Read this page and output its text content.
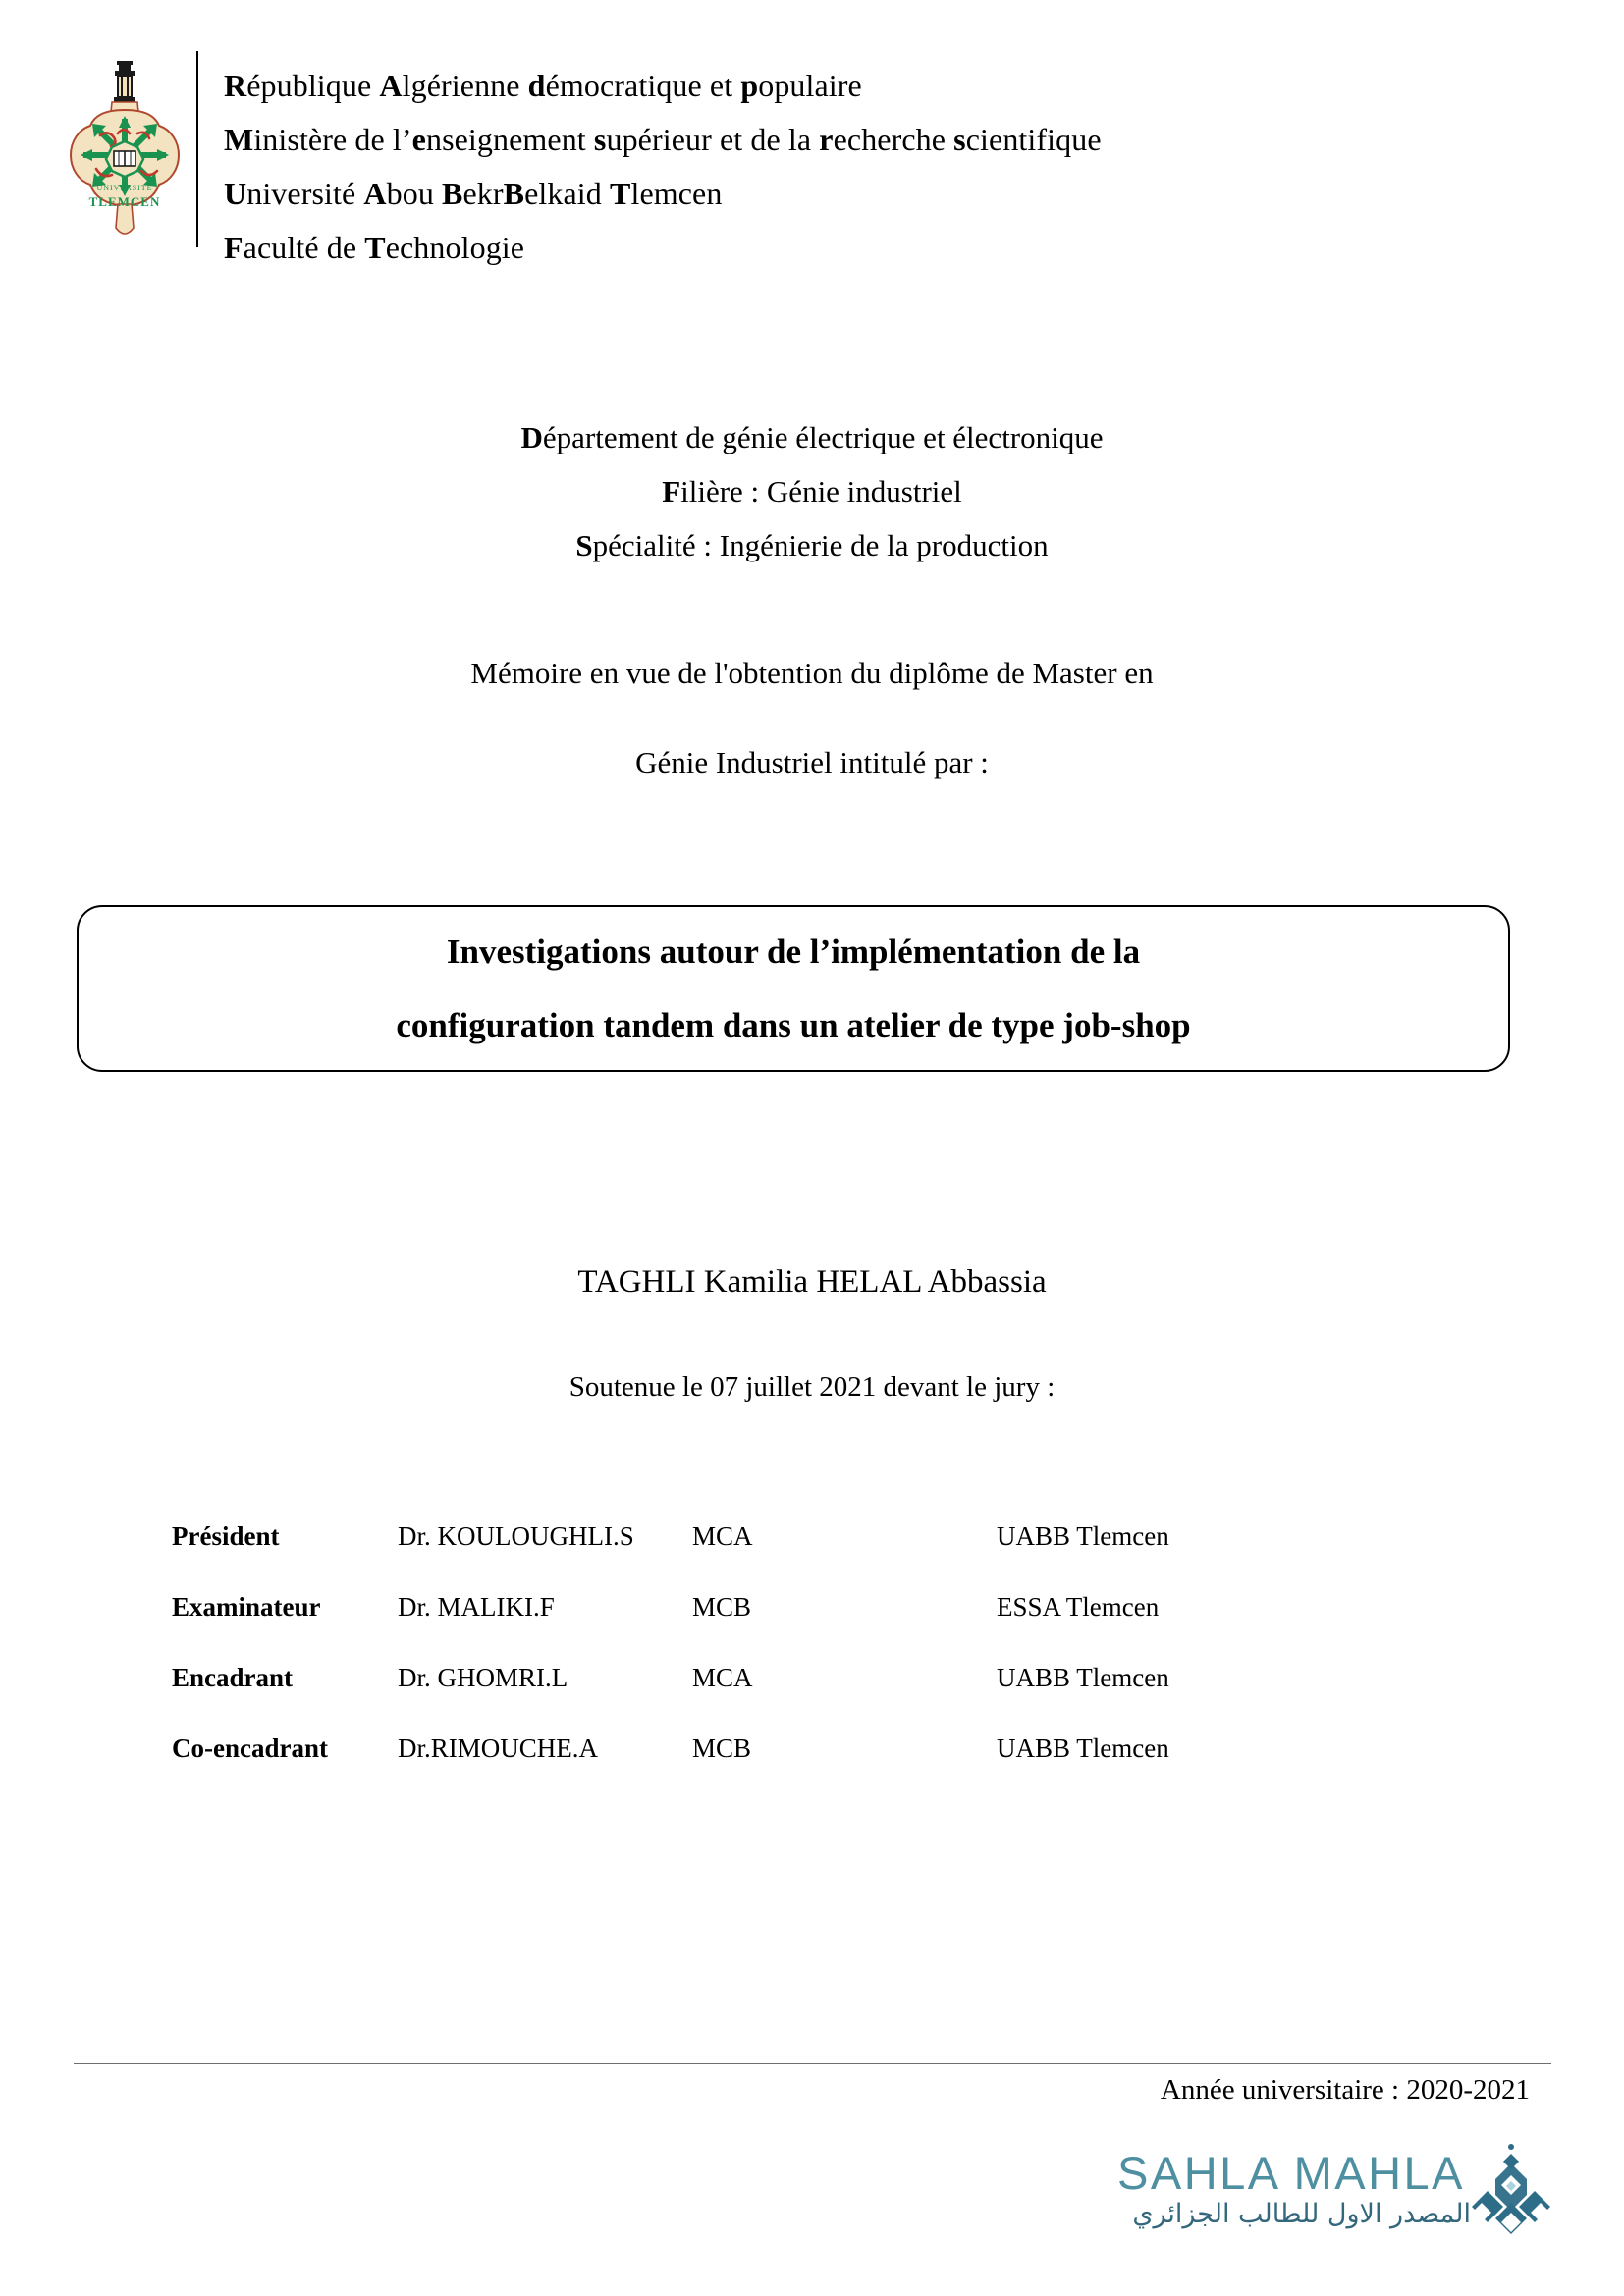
UNIVERSITE
TLEMCEN
République Algérienne démocratique et populaire
Ministère de l’enseignement supérieur et de la recherche scientifique
Université Abou BekrBelkaid Tlemcen
Faculté de Technologie
Département de génie électrique et électronique
Filière : Génie industriel
Spécialité : Ingénierie de la production
Mémoire en vue de l'obtention du diplôme de Master en
Génie Industriel intitulé par :
Investigations autour de l’implémentation de la
configuration tandem dans un atelier de type job-shop
TAGHLI Kamilia HELAL Abbassia
Soutenue le 07 juillet 2021 devant le jury :
Président	Dr. KOULOUGHLI.S	MCA	UABB Tlemcen
Examinateur	Dr. MALIKI.F	MCB	ESSA Tlemcen
Encadrant	Dr. GHOMRI.L	MCA	UABB Tlemcen
Co-encadrant	Dr.RIMOUCHE.A	MCB	UABB Tlemcen
Année universitaire : 2020-2021
SAHLA MAHLA
المصدر الاول للطالب الجزائري
